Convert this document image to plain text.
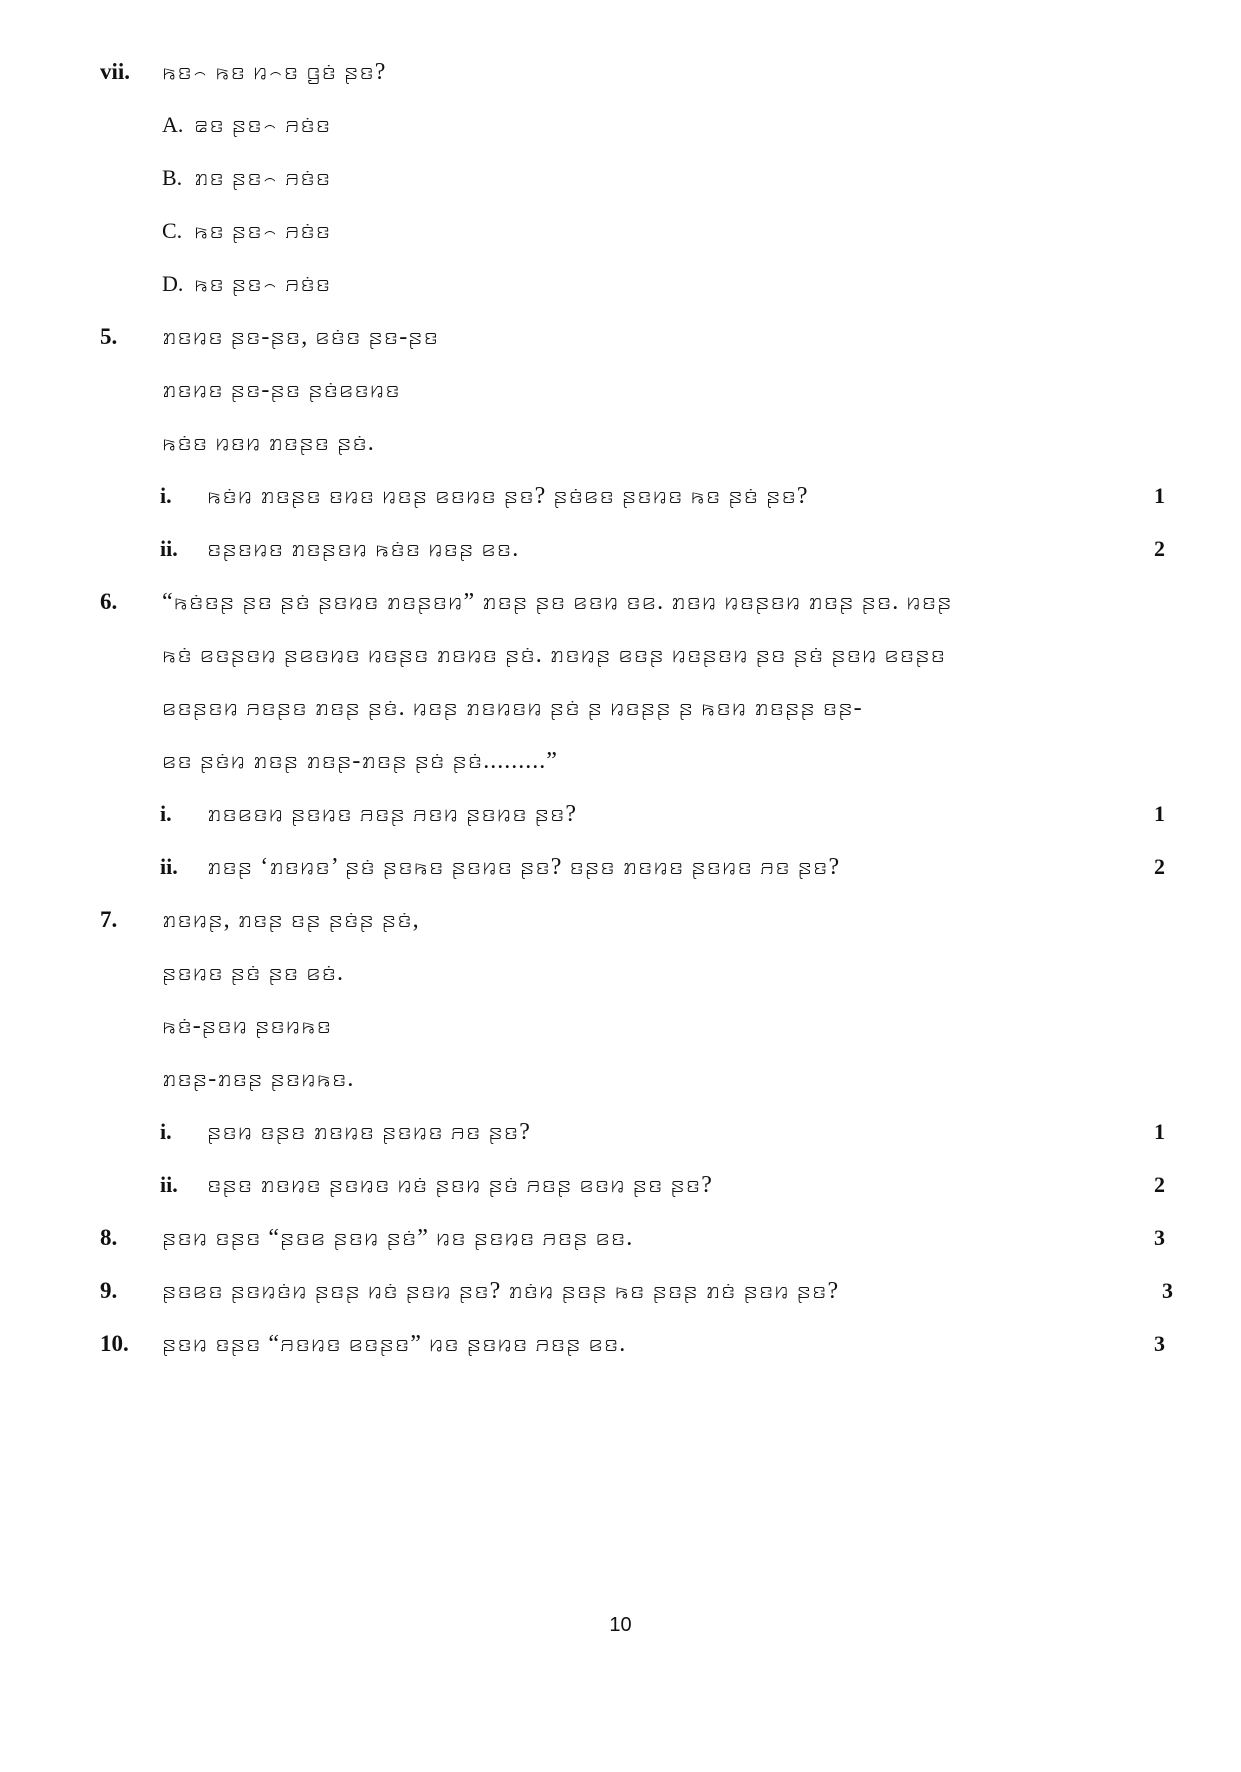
vii. ꤒꤢ꤮ ꤒꤢ ꤙ꤮ꤢ ꤞꤢꤦ ꤔꤢ?
A. ꤘꤢ ꤔꤢ꤮ ꤏꤢꤦꤢ
B. ꤊꤢ ꤔꤢ꤮ ꤏꤢꤦꤢ
C. ꤒꤢ ꤔꤢ꤮ ꤏꤢꤦꤢ
D. ꤒꤢ ꤔꤢ꤮ ꤏꤢꤦꤢ
5. ꤊꤢꤙꤢ ꤔꤢ-ꤔꤢ, ꤕꤢꤦꤢ ꤔꤢ-ꤔꤢ
ꤊꤢꤙꤢ ꤔꤢ-ꤔꤢ ꤔꤢꤦꤕꤢꤙꤢ
ꤒꤢꤦꤢ ꤙꤢꤙ ꤊꤢꤔꤢ ꤔꤢꤦ.
i. ꤒꤢꤦꤙ ꤊꤢꤔꤢ ꤢꤙꤢ ꤙꤢꤔ ꤕꤢꤙꤢ ꤔꤢ? ꤔꤢꤦꤕꤢ ꤔꤢꤙꤢ ꤒꤢ ꤔꤢꤦ ꤔꤢ?	1
ii. ꤢꤔꤢꤙꤢ ꤊꤢꤔꤢꤙ ꤒꤢꤦꤢ ꤙꤢꤔ ꤕꤢ.	2
6. “ꤒꤢꤦꤢꤔ ꤔꤢ ꤔꤢꤦ ꤔꤢꤙꤢ ꤊꤢꤔꤢꤙ” ꤊꤢꤔ ꤔꤢ ꤕꤢꤙ ꤢꤕ. ꤊꤢꤙ ꤙꤢꤔꤢꤙ ꤊꤢꤔ ꤔꤢ. ꤙꤢꤔ
ꤒꤢꤦ ꤕꤢꤔꤢꤙ ꤔꤕꤢꤙꤢ ꤙꤢꤔꤢ ꤊꤢꤙꤢ ꤔꤢꤦ. ꤊꤢꤙꤔ ꤕꤢꤔ ꤙꤢꤔꤢꤙ ꤔꤢ ꤔꤢꤦ ꤔꤢꤙ ꤕꤢꤔꤢ
ꤕꤢꤔꤢꤙ ꤏꤢꤔꤢ ꤊꤢꤔ ꤔꤢꤦ. ꤙꤢꤔ ꤊꤢꤙꤢꤙ ꤔꤢꤦ ꤔ ꤙꤢꤔꤔ ꤔ ꤒꤢꤙ ꤊꤢꤔꤔ ꤢꤔ-
ꤕꤢ ꤔꤢꤦꤙ ꤊꤢꤔ ꤊꤢꤔ-ꤊꤢꤔ ꤔꤢꤦ ꤔꤢꤦ.........”
i. ꤊꤢꤕꤢꤙ ꤔꤢꤙꤢ ꤏꤢꤔ ꤏꤢꤙ ꤔꤢꤙꤢ ꤔꤢ?	1
ii. ꤊꤢꤔ ‘ꤊꤢꤙꤢ’ ꤔꤢꤦ ꤔꤢꤒꤢ ꤔꤢꤙꤢ ꤔꤢ? ꤢꤔꤢ ꤊꤢꤙꤢ ꤔꤢꤙꤢ ꤏꤢ ꤔꤢ?	2
7. ꤊꤢꤙꤔ, ꤊꤢꤔ ꤢꤔ ꤔꤢꤦꤔ ꤔꤢꤦ,
ꤔꤢꤙꤢ ꤔꤢꤦ ꤔꤢ ꤕꤢꤦ.
ꤒꤢꤦ-ꤔꤢꤙ ꤔꤢꤙꤒꤢ
ꤊꤢꤔ-ꤊꤢꤔ ꤔꤢꤙꤒꤢ.
i. ꤔꤢꤙ ꤢꤔꤢ ꤊꤢꤙꤢ ꤔꤢꤙꤢ ꤏꤢ ꤔꤢ?	1
ii. ꤢꤔꤢ ꤊꤢꤙꤢ ꤔꤢꤙꤢ ꤙꤢꤦ ꤔꤢꤙ ꤔꤢꤦ ꤏꤢꤔ ꤕꤢꤙ ꤔꤢ ꤔꤢ?	2
8. ꤔꤢꤙ ꤢꤔꤢ “ꤔꤢꤕ ꤔꤢꤙ ꤔꤢꤦ” ꤙꤢ ꤔꤢꤙꤢ ꤏꤢꤔ ꤕꤢ.	3
9. ꤔꤢꤕꤢ ꤔꤢꤙꤢꤦꤙ ꤔꤢꤔ ꤙꤢꤦ ꤔꤢꤙ ꤔꤢ? ꤊꤢꤦꤙ ꤔꤢꤔ ꤒꤢ ꤔꤢꤔ ꤊꤢꤦ ꤔꤢꤙ ꤔꤢ?	3
10. ꤔꤢꤙ ꤢꤔꤢ “ꤏꤢꤙꤢ ꤕꤢꤔꤢ” ꤙꤢ ꤔꤢꤙꤢ ꤏꤢꤔ ꤕꤢ.	3
10
